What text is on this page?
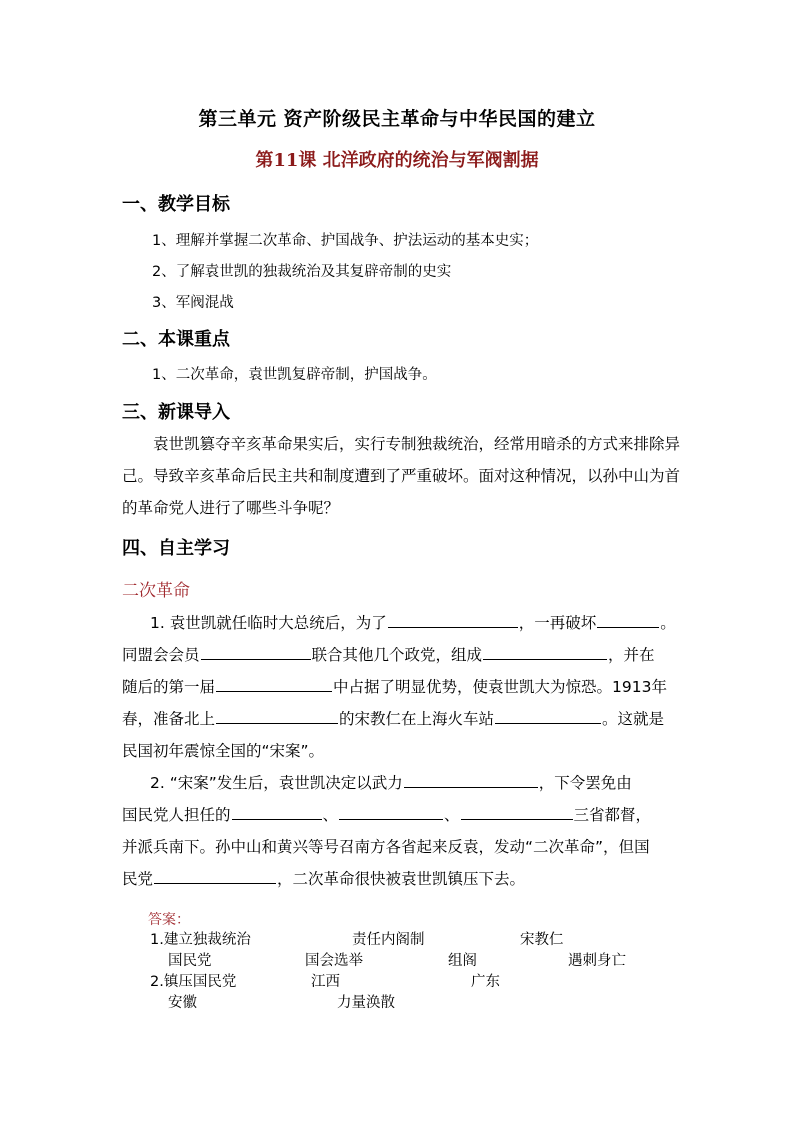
第三单元 资产阶级民主革命与中华民国的建立
第11课 北洋政府的统治与军阀割据
一、教学目标
1、理解并掌握二次革命、护国战争、护法运动的基本史实；
2、了解袁世凯的独裁统治及其复辟帝制的史实
3、军阀混战
二、本课重点
1、二次革命，袁世凯复辟帝制，护国战争。
三、新课导入
袁世凯篡夺辛亥革命果实后，实行专制独裁统治，经常用暗杀的方式来排除异己。导致辛亥革命后民主共和制度遭到了严重破坏。面对这种情况，以孙中山为首的革命党人进行了哪些斗争呢？
四、自主学习
二次革命
1. 袁世凯就任临时大总统后，为了	，一再破坏	。
同盟会会员	联合其他几个政党，组成	，并在
随后的第一届	中占据了明显优势，使袁世凯大为惊恐。1913年
春，准备北上	的宋教仁在上海火车站	。这就是
民国初年震惊全国的“宋案”。
2. “宋案”发生后，袁世凯决定以武力	，下令罢免由
国民党人担任的	、	、	三省都督，
并派兵南下。孙中山和黄兴等号召南方各省起来反袁，发动“二次革命”，但国
民党	，二次革命很快被袁世凯镇压下去。
答案：
1.建立独裁统治	责任内阁制	宋教仁
国民党	国会选举	组阁	遇刺身亡
2.镇压国民党	江西	广东
安徽	力量涣散
